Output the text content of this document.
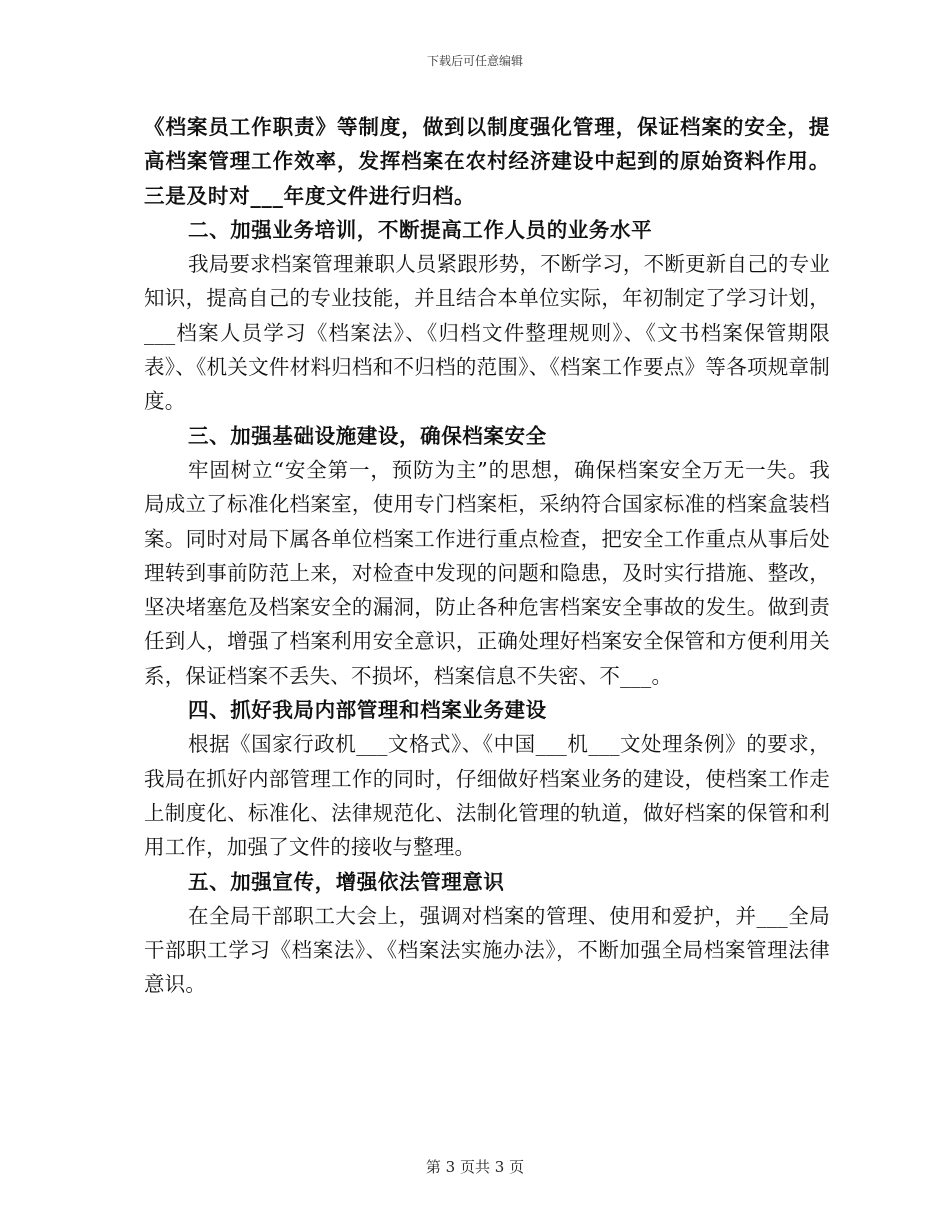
下载后可任意编辑

《档案员工作职责》等制度，做到以制度强化管理，保证档案的安全，提高档案管理工作效率，发挥档案在农村经济建设中起到的原始资料作用。三是及时对___年度文件进行归档。

二、加强业务培训，不断提高工作人员的业务水平

我局要求档案管理兼职人员紧跟形势，不断学习，不断更新自己的专业知识，提高自己的专业技能，并且结合本单位实际，年初制定了学习计划，___档案人员学习《档案法》、《归档文件整理规则》、《文书档案保管期限表》、《机关文件材料归档和不归档的范围》、《档案工作要点》等各项规章制度。

三、加强基础设施建设，确保档案安全

牢固树立“安全第一，预防为主”的思想，确保档案安全万无一失。我局成立了标准化档案室，使用专门档案柜，采纳符合国家标准的档案盒装档案。同时对局下属各单位档案工作进行重点检查，把安全工作重点从事后处理转到事前防范上来，对检查中发现的问题和隐患，及时实行措施、整改，坚决堵塞危及档案安全的漏洞，防止各种危害档案安全事故的发生。做到责任到人，增强了档案利用安全意识，正确处理好档案安全保管和方便利用关系，保证档案不丢失、不损坏，档案信息不失密、不___。

四、抓好我局内部管理和档案业务建设

根据《国家行政机___文格式》、《中国___机___文处理条例》的要求，我局在抓好内部管理工作的同时，仔细做好档案业务的建设，使档案工作走上制度化、标准化、法律规范化、法制化管理的轨道，做好档案的保管和利用工作，加强了文件的接收与整理。

五、加强宣传，增强依法管理意识

在全局干部职工大会上，强调对档案的管理、使用和爱护，并___全局干部职工学习《档案法》、《档案法实施办法》，不断加强全局档案管理法律意识。

第 3 页共 3 页
